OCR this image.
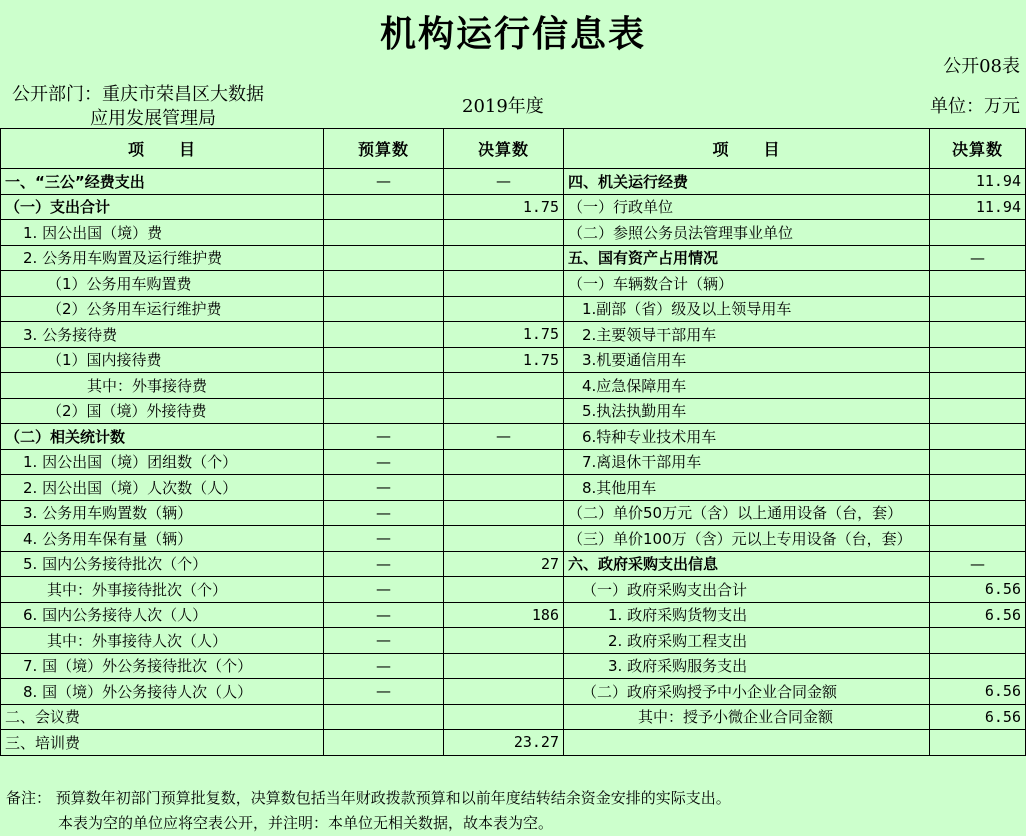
机构运行信息表
公开08表
公开部门：重庆市荣昌区大数据
应用发展管理局
2019年度	单位：万元
项　　目	预算数	决算数	项　　目	决算数
一、“三公”经费支出	—	—	四、机关运行经费	11.94
（一）支出合计		1.75	（一）行政单位	11.94
1. 因公出国（境）费			（二）参照公务员法管理事业单位	
2. 公务用车购置及运行维护费			五、国有资产占用情况	—
（1）公务用车购置费			（一）车辆数合计（辆）	
（2）公务用车运行维护费			1.副部（省）级及以上领导用车	
3. 公务接待费		1.75	2.主要领导干部用车	
（1）国内接待费		1.75	3.机要通信用车	
其中：外事接待费			4.应急保障用车	
（2）国（境）外接待费			5.执法执勤用车	
（二）相关统计数	—	—	6.特种专业技术用车	
1. 因公出国（境）团组数（个）	—		7.离退休干部用车	
2. 因公出国（境）人次数（人）	—		8.其他用车	
3. 公务用车购置数（辆）	—		（二）单价50万元（含）以上通用设备（台，套）	
4. 公务用车保有量（辆）	—		（三）单价100万（含）元以上专用设备（台，套）	
5. 国内公务接待批次（个）	—	27	六、政府采购支出信息	—
其中：外事接待批次（个）	—		（一）政府采购支出合计	6.56
6. 国内公务接待人次（人）	—	186	1. 政府采购货物支出	6.56
其中：外事接待人次（人）	—		2. 政府采购工程支出	
7. 国（境）外公务接待批次（个）	—		3. 政府采购服务支出	
8. 国（境）外公务接待人次（人）	—		（二）政府采购授予中小企业合同金额	6.56
二、会议费			其中：授予小微企业合同金额	6.56
三、培训费		23.27		
备注： 预算数年初部门预算批复数，决算数包括当年财政拨款预算和以前年度结转结余资金安排的实际支出。
本表为空的单位应将空表公开，并注明：本单位无相关数据，故本表为空。
